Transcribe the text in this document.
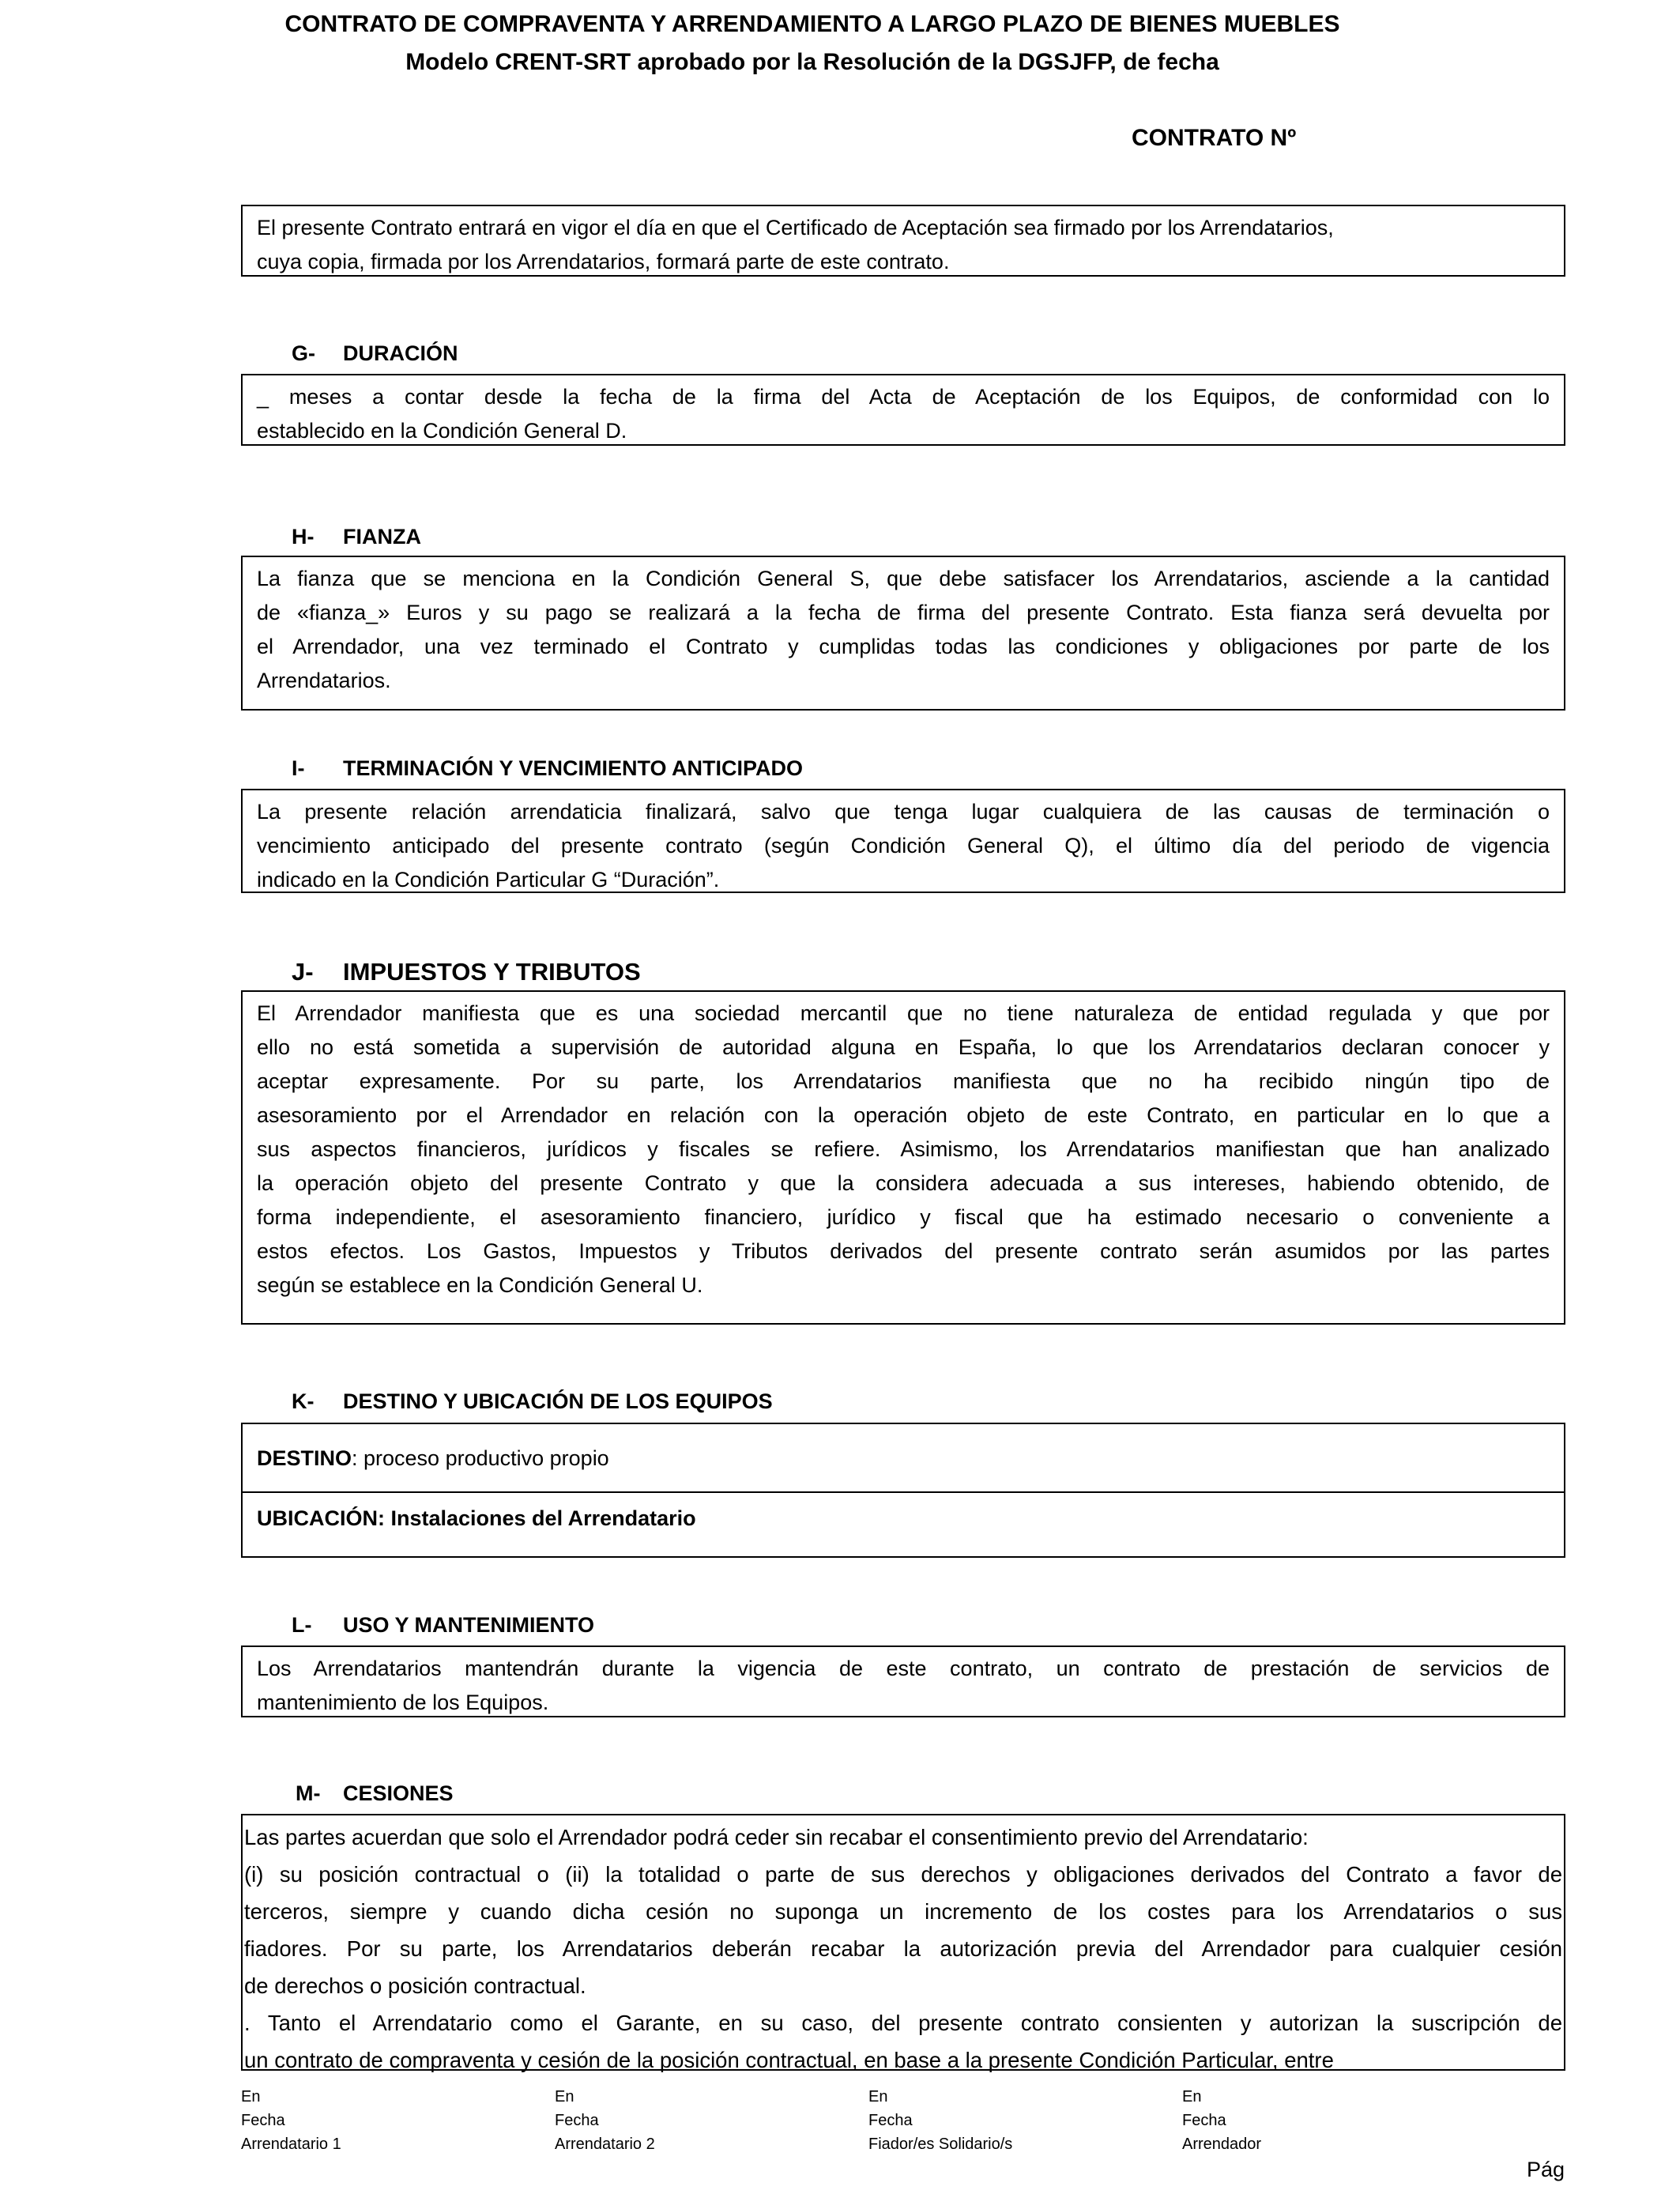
CONTRATO DE COMPRAVENTA Y ARRENDAMIENTO A LARGO PLAZO DE BIENES MUEBLES
Modelo CRENT-SRT aprobado por la Resolución de la DGSJFP, de fecha
CONTRATO Nº
El presente Contrato entrará en vigor el día en que el Certificado de Aceptación sea firmado por los Arrendatarios,
cuya copia, firmada por los Arrendatarios, formará parte de este contrato.
G- DURACIÓN
_ meses a contar desde la fecha de la firma del Acta de Aceptación de los Equipos, de conformidad con lo
establecido en la Condición General D.
H- FIANZA
La fianza que se menciona en la Condición General S, que debe satisfacer los Arrendatarios, asciende a la cantidad
de «fianza_» Euros y su pago se realizará a la fecha de firma del presente Contrato. Esta fianza será devuelta por
el Arrendador, una vez terminado el Contrato y cumplidas todas las condiciones y obligaciones por parte de los
Arrendatarios.
I- TERMINACIÓN Y VENCIMIENTO ANTICIPADO
La presente relación arrendaticia finalizará, salvo que tenga lugar cualquiera de las causas de terminación o
vencimiento anticipado del presente contrato (según Condición General Q), el último día del periodo de vigencia
indicado en la Condición Particular G “Duración”.
J- IMPUESTOS Y TRIBUTOS
El Arrendador manifiesta que es una sociedad mercantil que no tiene naturaleza de entidad regulada y que por
ello no está sometida a supervisión de autoridad alguna en España, lo que los Arrendatarios declaran conocer y
aceptar expresamente. Por su parte, los Arrendatarios manifiesta que no ha recibido ningún tipo de
asesoramiento por el Arrendador en relación con la operación objeto de este Contrato, en particular en lo que a
sus aspectos financieros, jurídicos y fiscales se refiere. Asimismo, los Arrendatarios manifiestan que han analizado
la operación objeto del presente Contrato y que la considera adecuada a sus intereses, habiendo obtenido, de
forma independiente, el asesoramiento financiero, jurídico y fiscal que ha estimado necesario o conveniente a
estos efectos. Los Gastos, Impuestos y Tributos derivados del presente contrato serán asumidos por las partes
según se establece en la Condición General U.
K- DESTINO Y UBICACIÓN DE LOS EQUIPOS
DESTINO: proceso productivo propio
UBICACIÓN: Instalaciones del Arrendatario
L- USO Y MANTENIMIENTO
Los Arrendatarios mantendrán durante la vigencia de este contrato, un contrato de prestación de servicios de
mantenimiento de los Equipos.
M- CESIONES
Las partes acuerdan que solo el Arrendador podrá ceder sin recabar el consentimiento previo del Arrendatario:
(i) su posición contractual o (ii) la totalidad o parte de sus derechos y obligaciones derivados del Contrato a favor de
terceros, siempre y cuando dicha cesión no suponga un incremento de los costes para los Arrendatarios o sus
fiadores. Por su parte, los Arrendatarios deberán recabar la autorización previa del Arrendador para cualquier cesión
de derechos o posición contractual.
. Tanto el Arrendatario como el Garante, en su caso, del presente contrato consienten y autorizan la suscripción de
un contrato de compraventa y cesión de la posición contractual, en base a la presente Condición Particular, entre
En
Fecha
Arrendatario 1
En
Fecha
Arrendatario 2
En
Fecha
Fiador/es Solidario/s
En
Fecha
Arrendador
Pág
